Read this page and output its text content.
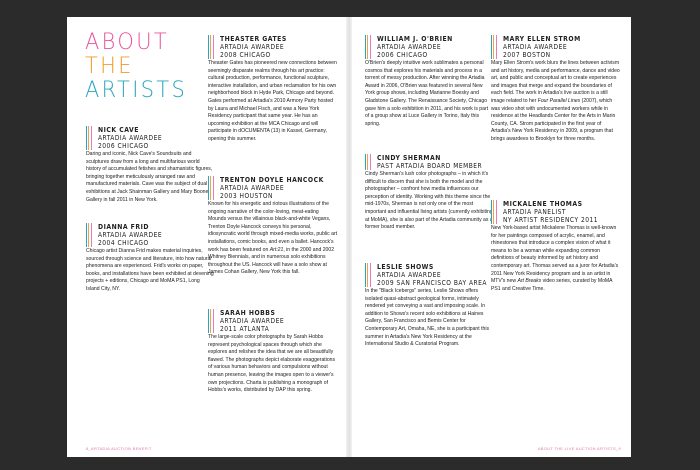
ABOUT
THE
ARTISTS
NICK CAVE
ARTADIA AWARDEE
2006 CHICAGO

Daring and iconic, Nick Cave's Soundsuits and sculptures draw from a long and multifarious world history of accumulated fetishes and shamanistic figures, bringing together meticulously arranged raw and manufactured materials. Cave was the subject of dual exhibitions at Jack Shainman Gallery and Mary Boone Gallery in fall 2011 in New York.

DIANNA FRID
ARTADIA AWARDEE
2004 CHICAGO

Chicago artist Dianna Frid makes material inquiries, sourced through science and literature, into how natural phenomena are experienced. Frid's works on paper, books, and installations have been exhibited at devening projects + editions, Chicago and MoMA PS1, Long Island City, NY.

THEASTER GATES
ARTADIA AWARDEE
2008 CHICAGO

Theaster Gates has pioneered new connections between seemingly disparate realms through his art practice: cultural production, performance, functional sculpture, interactive installation, and urban reclamation for his own neighborhood block in Hyde Park, Chicago and beyond. Gates performed at Artadia's 2010 Armory Party hosted by Laura and Michael Fisch, and was a New York Residency participant that same year. He has an upcoming exhibition at the MCA Chicago and will participate in dOCUMENTA (13) in Kassel, Germany, opening this summer.

TRENTON DOYLE HANCOCK
ARTADIA AWARDEE
2003 HOUSTON

Known for his energetic and riotous illustrations of the ongoing narrative of the color-loving, meat-eating Mounds versus the villainous black-and-white Vegans, Trenton Doyle Hancock conveys his personal, idiosyncratic world through mixed-media works, public art installations, comic books, and even a ballet. Hancock's work has been featured on Art:21, in the 2000 and 2002 Whitney Biennials, and in numerous solo exhibitions throughout the US. Hancock will have a solo show at James Cohan Gallery, New York this fall.

SARAH HOBBS
ARTADIA AWARDEE
2011 ATLANTA

The large-scale color photographs by Sarah Hobbs represent psychological spaces through which she explores and relishes the idea that we are all beautifully flawed. The photographs depict elaborate exaggerations of various human behaviors and compulsions without human presence, leaving the images open to a viewer's own projections. Charta is publishing a monograph of Hobbs's works, distributed by DAP this spring.

WILLIAM J. O'BRIEN
ARTADIA AWARDEE
2006 CHICAGO

O'Brien's deeply intuitive work sublimates a personal cosmos that explores his materials and process in a torrent of messy production. After winning the Artadia Award in 2006, O'Brien was featured in several New York group shows, including Marianne Boesky and Gladstone Gallery. The Renaissance Society, Chicago gave him a solo exhibition in 2011, and his work is part of a group show at Luce Gallery in Torino, Italy this spring.

CINDY SHERMAN
PAST ARTADIA BOARD MEMBER

Cindy Sherman's lush color photographs – in which it's difficult to discern that she is both the model and the photographer – confront how media influences our perception of identity. Working with this theme since the mid-1970s, Sherman is not only one of the most important and influential living artists (currently exhibiting at MoMA), she is also part of the Artadia community as a former board member.

LESLIE SHOWS
ARTADIA AWARDEE
2009 SAN FRANCISCO BAY AREA

In the "Black Icebergs" series, Leslie Shows offers isolated quasi-abstract geological forms, intimately rendered yet conveying a vast and imposing scale. In addition to Shows's recent solo exhibitions at Haines Gallery, San Francisco and Bemis Center for Contemporary Art, Omaha, NE, she is a participant this summer in Artadia's New York Residency at the International Studio & Curatorial Program.

MARY ELLEN STROM
ARTADIA AWARDEE
2007 BOSTON

Mary Ellen Strom's work blurs the lines between activism and art history, media and performance, dance and video art, and public and conceptual art to create experiences and images that merge and expand the boundaries of each field. The work in Artadia's live auction is a still image related to her Four Parallel Lines (2007), which was video shot with undocumented workers while in residence at the Headlands Center for the Arts in Marin County, CA. Strom participated in the first year of Artadia's New York Residency in 2009, a program that brings awardees to Brooklyn for three months.

MICKALENE THOMAS
ARTADIA PANELIST
NY ARTIST RESIDENCY 2011

New York-based artist Mickalene Thomas is well-known for her paintings composed of acrylic, enamel, and rhinestones that introduce a complex vision of what it means to be a woman while expanding common definitions of beauty informed by art history and contemporary art. Thomas served as a juror for Artadia's 2011 New York Residency program and is an artist in MTV's new Art Breaks video series, curated by MoMA PS1 and Creative Time.

8_ARTADIA AUCTION BENEFIT	ABOUT THE LIVE AUCTION ARTISTS_9
